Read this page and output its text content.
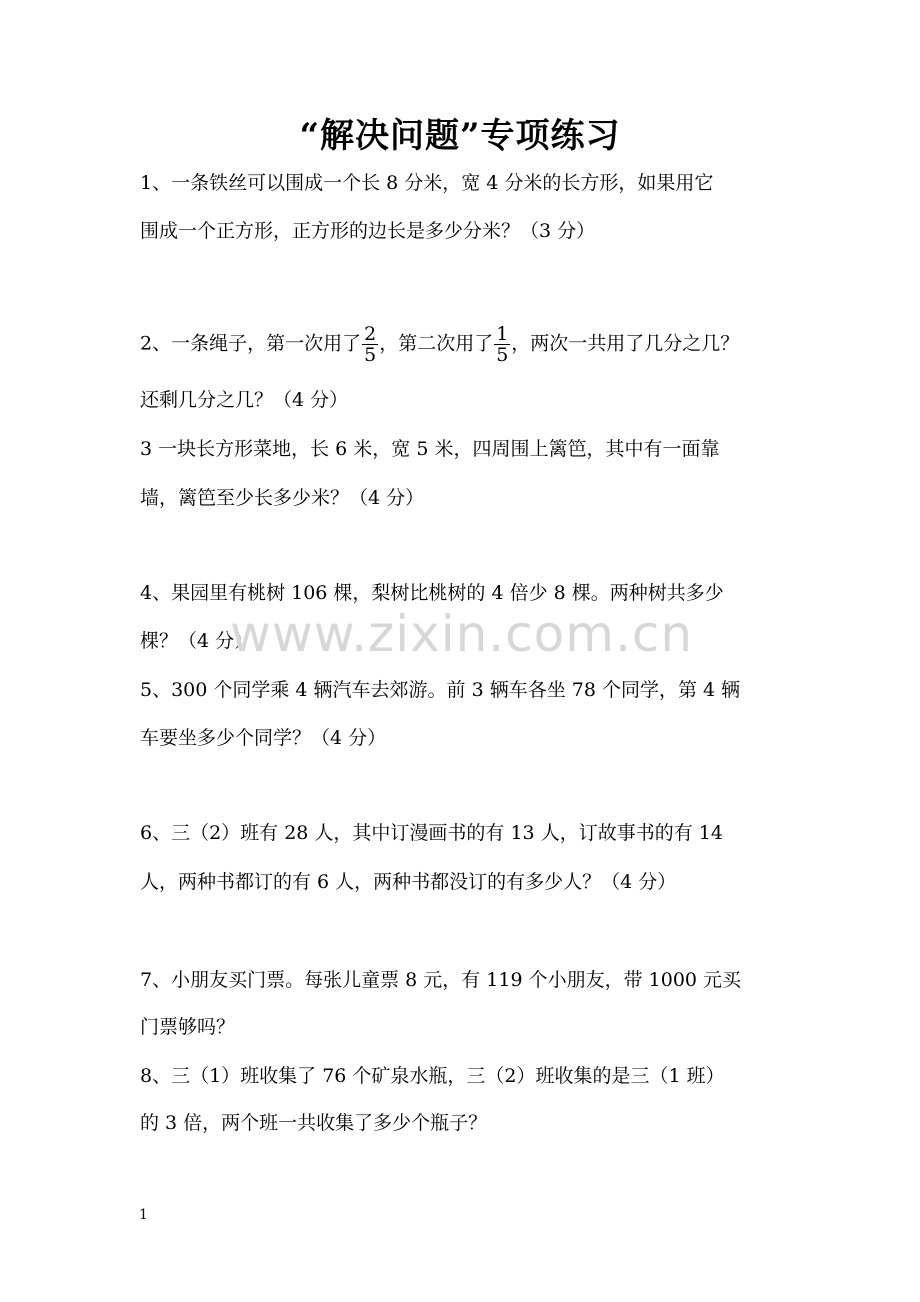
“解决问题”专项练习
1、一条铁丝可以围成一个长 8 分米，宽 4 分米的长方形，如果用它
围成一个正方形，正方形的边长是多少分米？（3 分）
2、一条绳子，第一次用了 $\frac{2}{5}$ ，第二次用了 $\frac{1}{5}$ ，两次一共用了几分之几？
还剩几分之几？（4 分）
3 一块长方形菜地，长 6 米，宽 5 米，四周围上篱笆，其中有一面靠
墙，篱笆至少长多少米？（4 分）
4、果园里有桃树 106 棵，梨树比桃树的 4 倍少 8 棵。两种树共多少
棵？（4 分）
5、300 个同学乘 4 辆汽车去郊游。前 3 辆车各坐 78 个同学，第 4 辆
车要坐多少个同学？（4 分）
6、三（2）班有 28 人，其中订漫画书的有 13 人，订故事书的有 14
人，两种书都订的有 6 人，两种书都没订的有多少人？（4 分）
7、小朋友买门票。每张儿童票 8 元，有 119 个小朋友，带 1000 元买
门票够吗？
8、三（1）班收集了 76 个矿泉水瓶，三（2）班收集的是三（1 班）
的 3 倍，两个班一共收集了多少个瓶子？
www.zixin.com.cn
1
